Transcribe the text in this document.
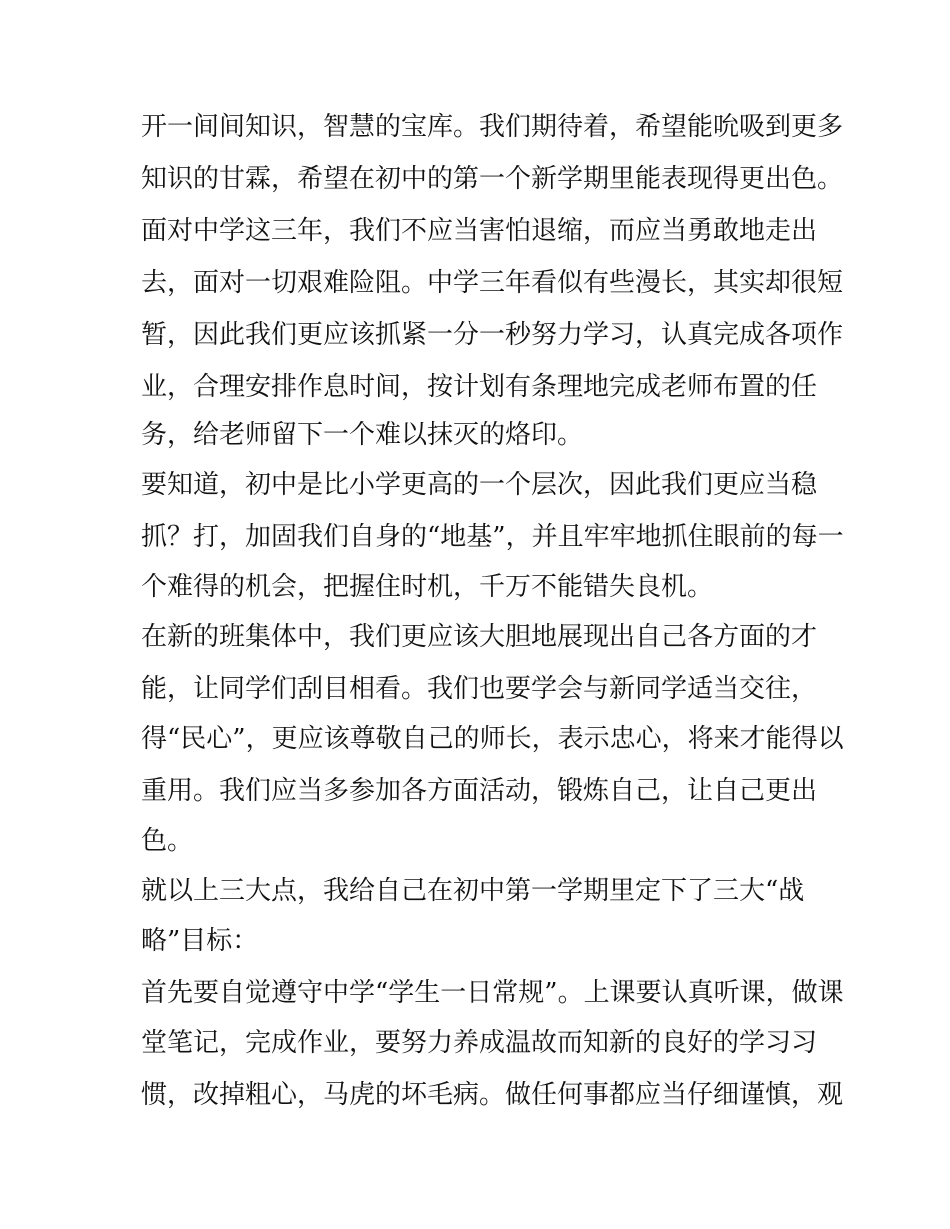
开一间间知识，智慧的宝库。我们期待着，希望能吮吸到更多
知识的甘霖，希望在初中的第一个新学期里能表现得更出色。
面对中学这三年，我们不应当害怕退缩，而应当勇敢地走出
去，面对一切艰难险阻。中学三年看似有些漫长，其实却很短
暂，因此我们更应该抓紧一分一秒努力学习，认真完成各项作
业，合理安排作息时间，按计划有条理地完成老师布置的任
务，给老师留下一个难以抹灭的烙印。
要知道，初中是比小学更高的一个层次，因此我们更应当稳
抓？打，加固我们自身的“地基”，并且牢牢地抓住眼前的每一
个难得的机会，把握住时机，千万不能错失良机。
在新的班集体中，我们更应该大胆地展现出自己各方面的才
能，让同学们刮目相看。我们也要学会与新同学适当交往，
得“民心”，更应该尊敬自己的师长，表示忠心，将来才能得以
重用。我们应当多参加各方面活动，锻炼自己，让自己更出
色。
就以上三大点，我给自己在初中第一学期里定下了三大“战
略”目标：
首先要自觉遵守中学“学生一日常规”。上课要认真听课，做课
堂笔记，完成作业，要努力养成温故而知新的良好的学习习
惯，改掉粗心，马虎的坏毛病。做任何事都应当仔细谨慎，观
